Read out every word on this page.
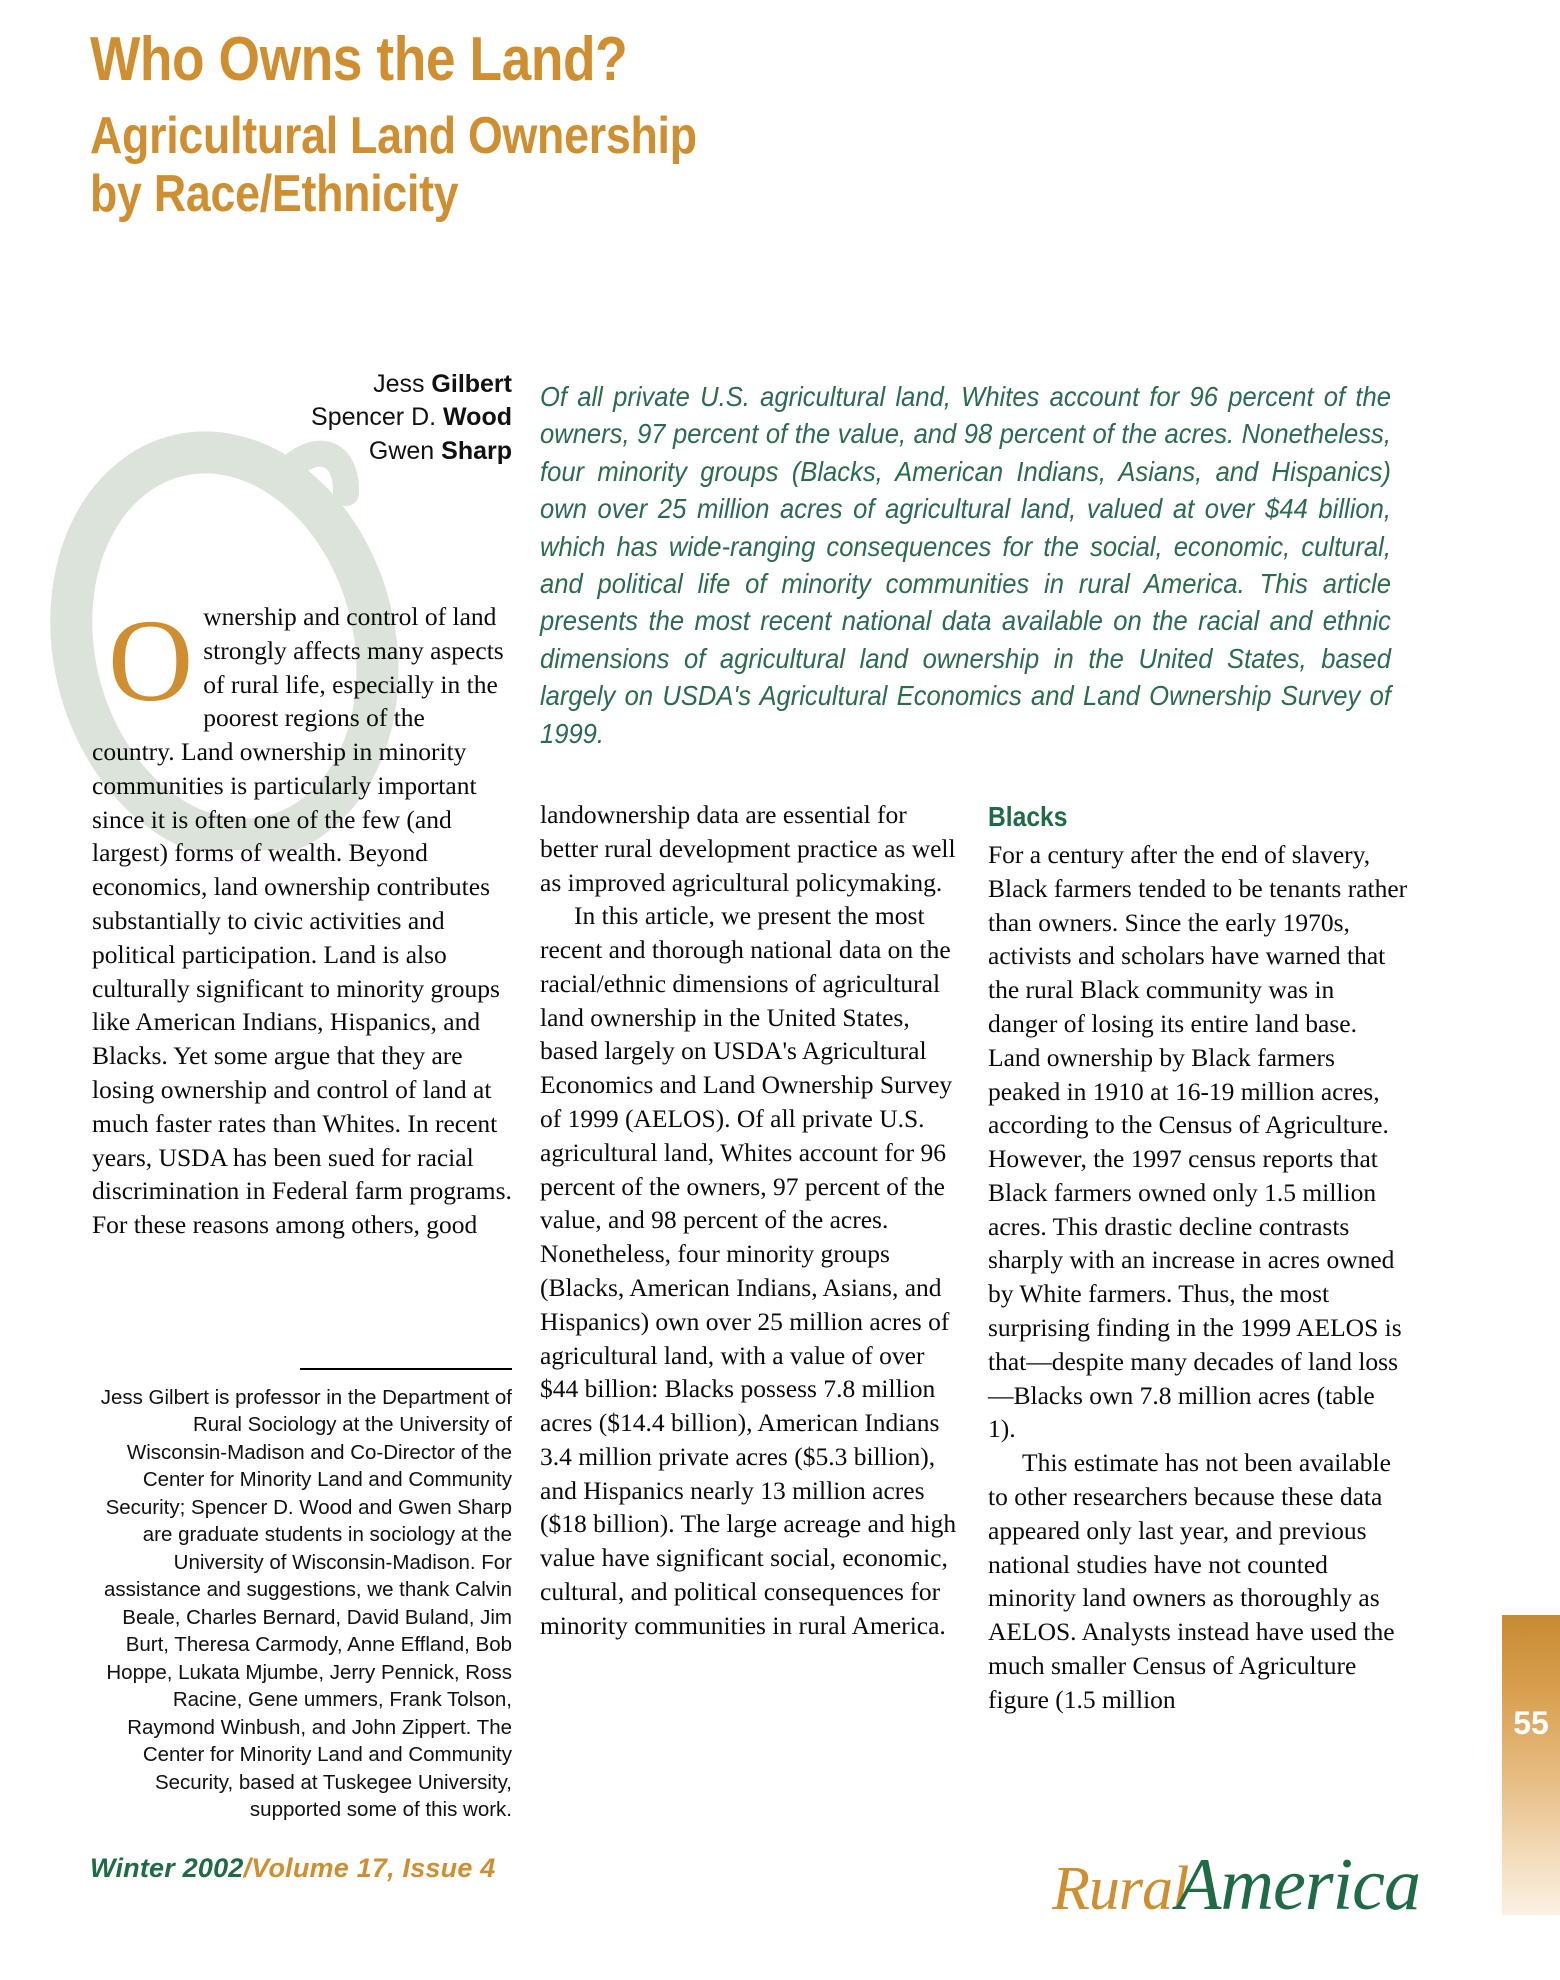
Who Owns the Land?
Agricultural Land Ownership
by Race/Ethnicity
Jess Gilbert
Spencer D. Wood
Gwen Sharp
Of all private U.S. agricultural land, Whites account for 96 percent of the owners, 97 percent of the value, and 98 percent of the acres. Nonetheless, four minority groups (Blacks, American Indians, Asians, and Hispanics) own over 25 million acres of agricultural land, valued at over $44 billion, which has wide-ranging consequences for the social, economic, cultural, and political life of minority communities in rural America. This article presents the most recent national data available on the racial and ethnic dimensions of agricultural land ownership in the United States, based largely on USDA's Agricultural Economics and Land Ownership Survey of 1999.
O wnership and control of land strongly affects many aspects of rural life, especially in the poorest regions of the country. Land ownership in minority communities is particularly important since it is often one of the few (and largest) forms of wealth. Beyond economics, land ownership contributes substantially to civic activities and political participation. Land is also culturally significant to minority groups like American Indians, Hispanics, and Blacks. Yet some argue that they are losing ownership and control of land at much faster rates than Whites. In recent years, USDA has been sued for racial discrimination in Federal farm programs. For these reasons among others, good

landownership data are essential for better rural development practice as well as improved agricultural policymaking.

In this article, we present the most recent and thorough national data on the racial/ethnic dimensions of agricultural land ownership in the United States, based largely on USDA's Agricultural Economics and Land Ownership Survey of 1999 (AELOS). Of all private U.S. agricultural land, Whites account for 96 percent of the owners, 97 percent of the value, and 98 percent of the acres. Nonetheless, four minority groups (Blacks, American Indians, Asians, and Hispanics) own over 25 million acres of agricultural land, with a value of over $44 billion: Blacks possess 7.8 million acres ($14.4 billion), American Indians 3.4 million private acres ($5.3 billion), and Hispanics nearly 13 million acres ($18 billion). The large acreage and high value have significant social, economic, cultural, and political consequences for minority communities in rural America.

Blacks

For a century after the end of slavery, Black farmers tended to be tenants rather than owners. Since the early 1970s, activists and scholars have warned that the rural Black community was in danger of losing its entire land base. Land ownership by Black farmers peaked in 1910 at 16-19 million acres, according to the Census of Agriculture. However, the 1997 census reports that Black farmers owned only 1.5 million acres. This drastic decline contrasts sharply with an increase in acres owned by White farmers. Thus, the most surprising finding in the 1999 AELOS is that—despite many decades of land loss—Blacks own 7.8 million acres (table 1).

This estimate has not been available to other researchers because these data appeared only last year, and previous national studies have not counted minority land owners as thoroughly as AELOS. Analysts instead have used the much smaller Census of Agriculture figure (1.5 million

Jess Gilbert is professor in the Department of Rural Sociology at the University of Wisconsin-Madison and Co-Director of the Center for Minority Land and Community Security; Spencer D. Wood and Gwen Sharp are graduate students in sociology at the University of Wisconsin-Madison. For assistance and suggestions, we thank Calvin Beale, Charles Bernard, David Buland, Jim Burt, Theresa Carmody, Anne Effland, Bob Hoppe, Lukata Mjumbe, Jerry Pennick, Ross Racine, Gene ummers, Frank Tolson, Raymond Winbush, and John Zippert. The Center for Minority Land and Community Security, based at Tuskegee University, supported some of this work.
Winter 2002/Volume 17, Issue 4	RuralAmerica
55
